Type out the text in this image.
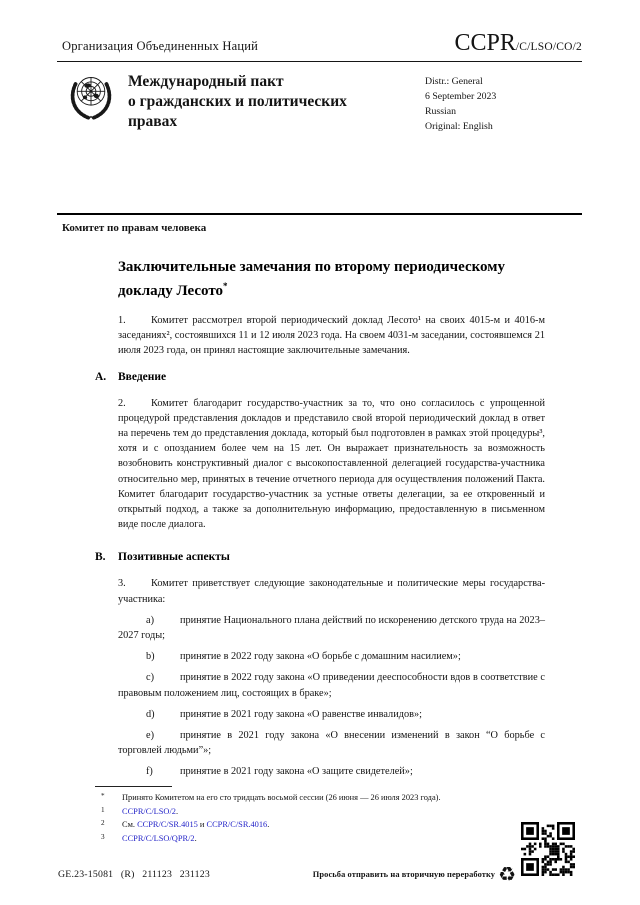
Организация Объединенных Наций	CCPR/C/LSO/CO/2
Международный пакт
о гражданских и политических
правах
Distr.: General
6 September 2023
Russian
Original: English
Комитет по правам человека
Заключительные замечания по второму периодическому докладу Лесото*

1. Комитет рассмотрел второй периодический доклад Лесото¹ на своих 4015-м и 4016-м заседаниях², состоявшихся 11 и 12 июля 2023 года. На своем 4031-м заседании, состоявшемся 21 июля 2023 года, он принял настоящие заключительные замечания.

A. Введение

2. Комитет благодарит государство-участник за то, что оно согласилось с упрощенной процедурой представления докладов и представило свой второй периодический доклад в ответ на перечень тем до представления доклада, который был подготовлен в рамках этой процедуры³, хотя и с опозданием более чем на 15 лет. Он выражает признательность за возможность возобновить конструктивный диалог с высокопоставленной делегацией государства-участника относительно мер, принятых в течение отчетного периода для осуществления положений Пакта. Комитет благодарит государство-участник за устные ответы делегации, за ее откровенный и открытый подход, а также за дополнительную информацию, предоставленную в письменном виде после диалога.

B. Позитивные аспекты

3. Комитет приветствует следующие законодательные и политические меры государства-участника:

a)	принятие Национального плана действий по искоренению детского труда на 2023–2027 годы;

b) принятие в 2022 году закона «О борьбе с домашним насилием»;

c)	принятие в 2022 году закона «О приведении дееспособности вдов в соответствие с правовым положением лиц, состоящих в браке»;

d) принятие в 2021 году закона «О равенстве инвалидов»;

e)	принятие в 2021 году закона «О внесении изменений в закон “О борьбе с торговлей людьми”»;

f)	принятие в 2021 году закона «О защите свидетелей»;

* Принято Комитетом на его сто тридцать восьмой сессии (26 июня — 26 июля 2023 года).
1 CCPR/C/LSO/2.
2 См. CCPR/C/SR.4015 и CCPR/C/SR.4016.
3 CCPR/C/LSO/QPR/2.
GE.23-15081 (R) 211123 231123	Просьба отправить на вторичную переработку ♻
